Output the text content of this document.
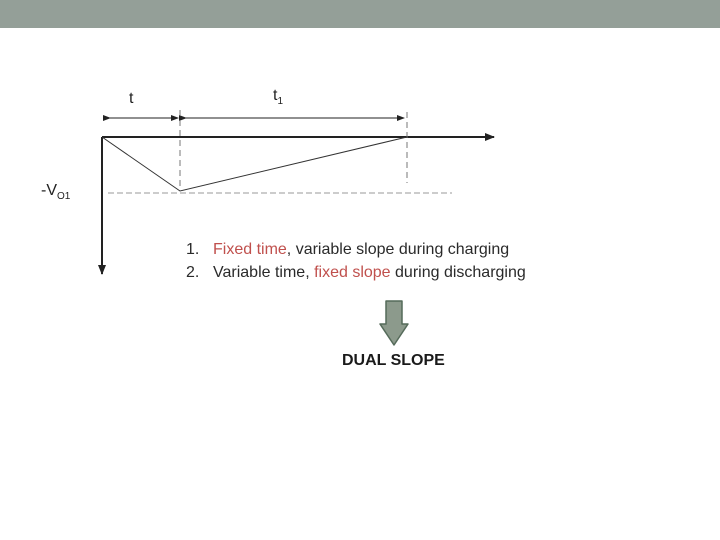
t	$t_1$
$-V_{O1}$
1. Fixed time, variable slope during charging
2. Variable time, fixed slope during discharging
DUAL SLOPE
